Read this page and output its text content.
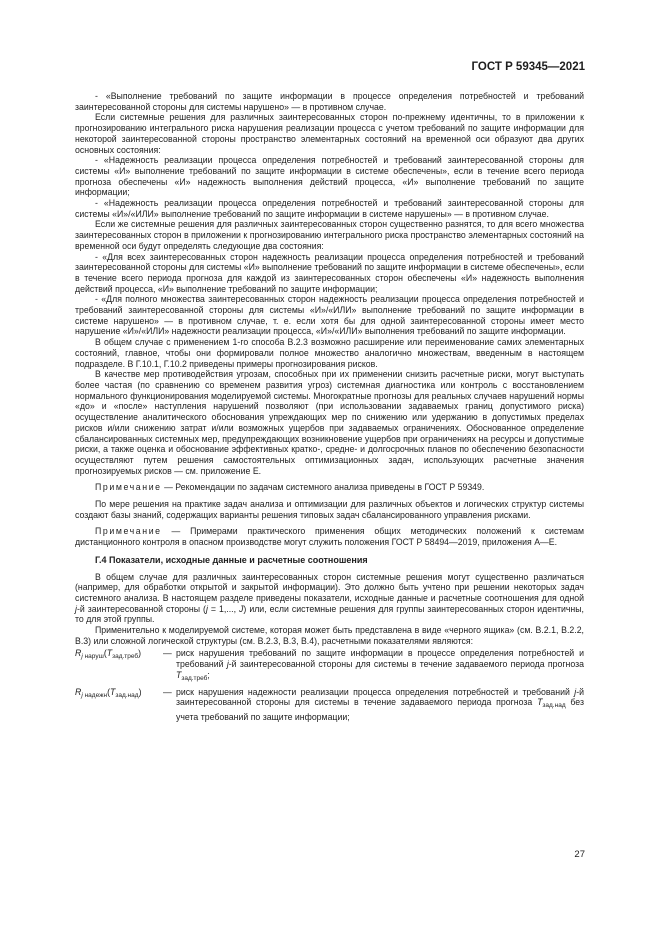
ГОСТ Р 59345—2021

- «Выполнение требований по защите информации в процессе определения потребностей и требований заинтересованной стороны для системы нарушено» — в противном случае.

Если системные решения для различных заинтересованных сторон по-прежнему идентичны, то в приложении к прогнозированию интегрального риска нарушения реализации процесса с учетом требований по защите информации для некоторой заинтересованной стороны пространство элементарных состояний на временной оси образуют два других основных состояния:

- «Надежность реализации процесса определения потребностей и требований заинтересованной стороны для системы «И» выполнение требований по защите информации в системе обеспечены», если в течение всего периода прогноза обеспечены «И» надежность выполнения действий процесса, «И» выполнение требований по защите информации;

- «Надежность реализации процесса определения потребностей и требований заинтересованной стороны для системы «И»/«ИЛИ» выполнение требований по защите информации в системе нарушены» — в противном случае.

Если же системные решения для различных заинтересованных сторон существенно разнятся, то для всего множества заинтересованных сторон в приложении к прогнозированию интегрального риска пространство элементарных состояний на временной оси будут определять следующие два состояния:

- «Для всех заинтересованных сторон надежность реализации процесса определения потребностей и требований заинтересованной стороны для системы «И» выполнение требований по защите информации в системе обеспечены», если в течение всего периода прогноза для каждой из заинтересованных сторон обеспечены «И» надежность выполнения действий процесса, «И» выполнение требований по защите информации;

- «Для полного множества заинтересованных сторон надежность реализации процесса определения потребностей и требований заинтересованной стороны для системы «И»/«ИЛИ» выполнение требований по защите информации в системе нарушено» — в противном случае, т. е. если хотя бы для одной заинтересованной стороны имеет место нарушение «И»/«ИЛИ» надежности реализации процесса, «И»/«ИЛИ» выполнения требований по защите информации.

В общем случае с применением 1-го способа В.2.3 возможно расширение или переименование самих элементарных состояний, главное, чтобы они формировали полное множество аналогично множествам, введенным в настоящем подразделе. В Г.10.1, Г.10.2 приведены примеры прогнозирования рисков.

В качестве мер противодействия угрозам, способных при их применении снизить расчетные риски, могут выступать более частая (по сравнению со временем развития угроз) системная диагностика или контроль с восстановлением нормального функционирования моделируемой системы. Многократные прогнозы для реальных случаев нарушений нормы «до» и «после» наступления нарушений позволяют (при использовании задаваемых границ допустимого риска) осуществление аналитического обоснования упреждающих мер по снижению или удержанию в допустимых пределах рисков и/или снижению затрат и/или возможных ущербов при задаваемых ограничениях. Обоснованное определение сбалансированных системных мер, предупреждающих возникновение ущербов при ограничениях на ресурсы и допустимые риски, а также оценка и обоснование эффективных кратко-, средне- и долгосрочных планов по обеспечению безопасности осуществляют путем решения самостоятельных оптимизационных задач, использующих расчетные значения прогнозируемых рисков — см. приложение Е.

Примечание — Рекомендации по задачам системного анализа приведены в ГОСТ Р 59349.

По мере решения на практике задач анализа и оптимизации для различных объектов и логических структур системы создают базы знаний, содержащих варианты решения типовых задач сбалансированного управления рисками.

Примечание — Примерами практического применения общих методических положений к системам дистанционного контроля в опасном производстве могут служить положения ГОСТ Р 58494—2019, приложения А—Е.

Г.4 Показатели, исходные данные и расчетные соотношения

В общем случае для различных заинтересованных сторон системные решения могут существенно различаться (например, для обработки открытой и закрытой информации). Это должно быть учтено при решении некоторых задач системного анализа. В настоящем разделе приведены показатели, исходные данные и расчетные соотношения для одной j-й заинтересованной стороны (j = 1,..., J) или, если системные решения для группы заинтересованных сторон идентичны, то для этой группы.

Применительно к моделируемой системе, которая может быть представлена в виде «черного ящика» (см. В.2.1, В.2.2, В.3) или сложной логической структуры (см. В.2.3, В.3, В.4), расчетными показателями являются:

$R_{j наруш}(T_{зад.треб})$	— риск нарушения требований по защите информации в процессе определения потребностей и требований j-й заинтересованной стороны для системы в течение задаваемого периода прогноза $T_{зад.треб}$;
$R_{j надежн}(T_{зад.над})$	— риск нарушения надежности реализации процесса определения потребностей и требований j-й заинтересованной стороны для системы в течение задаваемого периода прогноза $T_{зад.над}$ без учета требований по защите информации;
27
